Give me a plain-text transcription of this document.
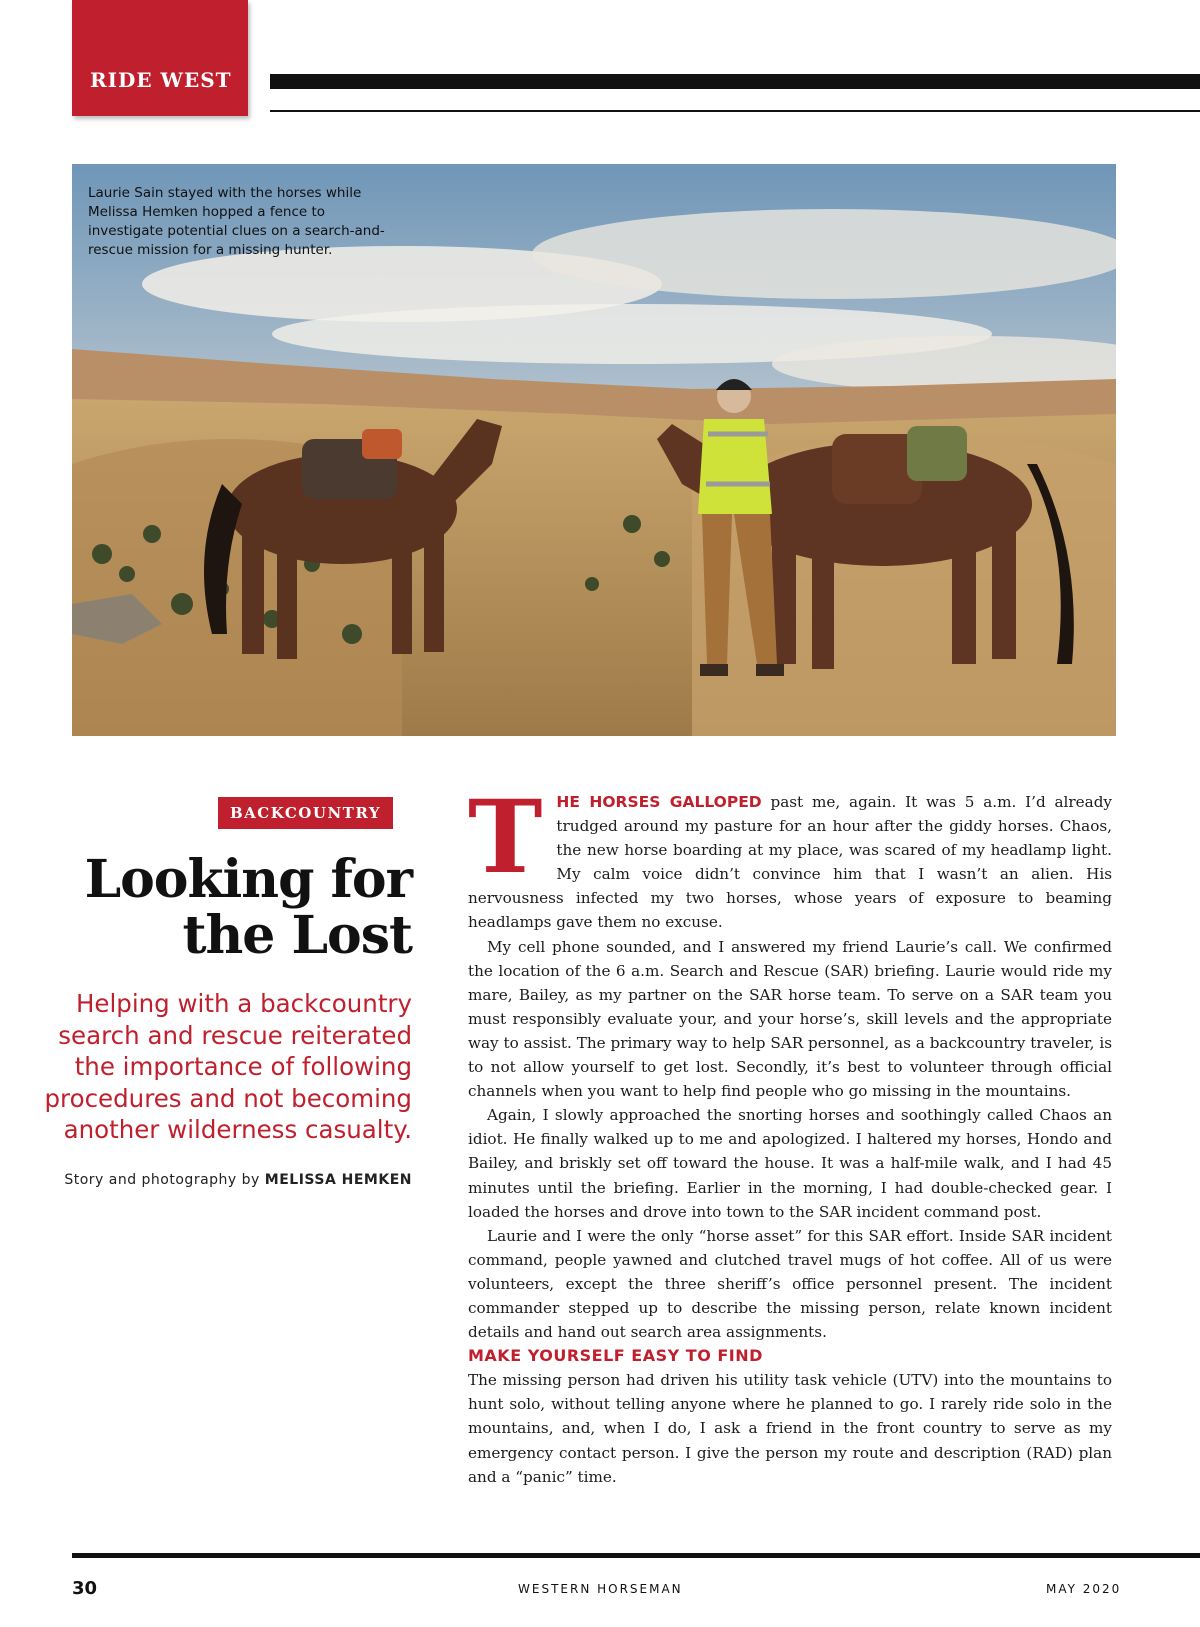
RIDE WEST
Laurie Sain stayed with the horses while Melissa Hemken hopped a fence to investigate potential clues on a search-and-rescue mission for a missing hunter.
BACKCOUNTRY
Looking for
the Lost

Helping with a backcountry search and rescue reiterated the importance of following procedures and not becoming another wilderness casualty.

Story and photography by MELISSA HEMKEN

THE HORSES GALLOPED past me, again. It was 5 a.m. I’d already trudged around my pasture for an hour after the giddy horses. Chaos, the new horse boarding at my place, was scared of my headlamp light. My calm voice didn’t convince him that I wasn’t an alien. His nervousness infected my two horses, whose years of exposure to beaming headlamps gave them no excuse.

My cell phone sounded, and I answered my friend Laurie’s call. We confirmed the location of the 6 a.m. Search and Rescue (SAR) briefing. Laurie would ride my mare, Bailey, as my partner on the SAR horse team. To serve on a SAR team you must responsibly evaluate your, and your horse’s, skill levels and the appropriate way to assist. The primary way to help SAR personnel, as a backcountry traveler, is to not allow yourself to get lost. Secondly, it’s best to volunteer through official channels when you want to help find people who go missing in the mountains.

Again, I slowly approached the snorting horses and soothingly called Chaos an idiot. He finally walked up to me and apologized. I haltered my horses, Hondo and Bailey, and briskly set off toward the house. It was a half-mile walk, and I had 45 minutes until the briefing. Earlier in the morning, I had double-checked gear. I loaded the horses and drove into town to the SAR incident command post.

Laurie and I were the only “horse asset” for this SAR effort. Inside SAR incident command, people yawned and clutched travel mugs of hot coffee. All of us were volunteers, except the three sheriff’s office personnel present. The incident commander stepped up to describe the missing person, relate known incident details and hand out search area assignments.

MAKE YOURSELF EASY TO FIND

The missing person had driven his utility task vehicle (UTV) into the mountains to hunt solo, without telling anyone where he planned to go. I rarely ride solo in the mountains, and, when I do, I ask a friend in the front country to serve as my emergency contact person. I give the person my route and description (RAD) plan and a “panic” time.

30	WESTERN HORSEMAN	MAY 2020
